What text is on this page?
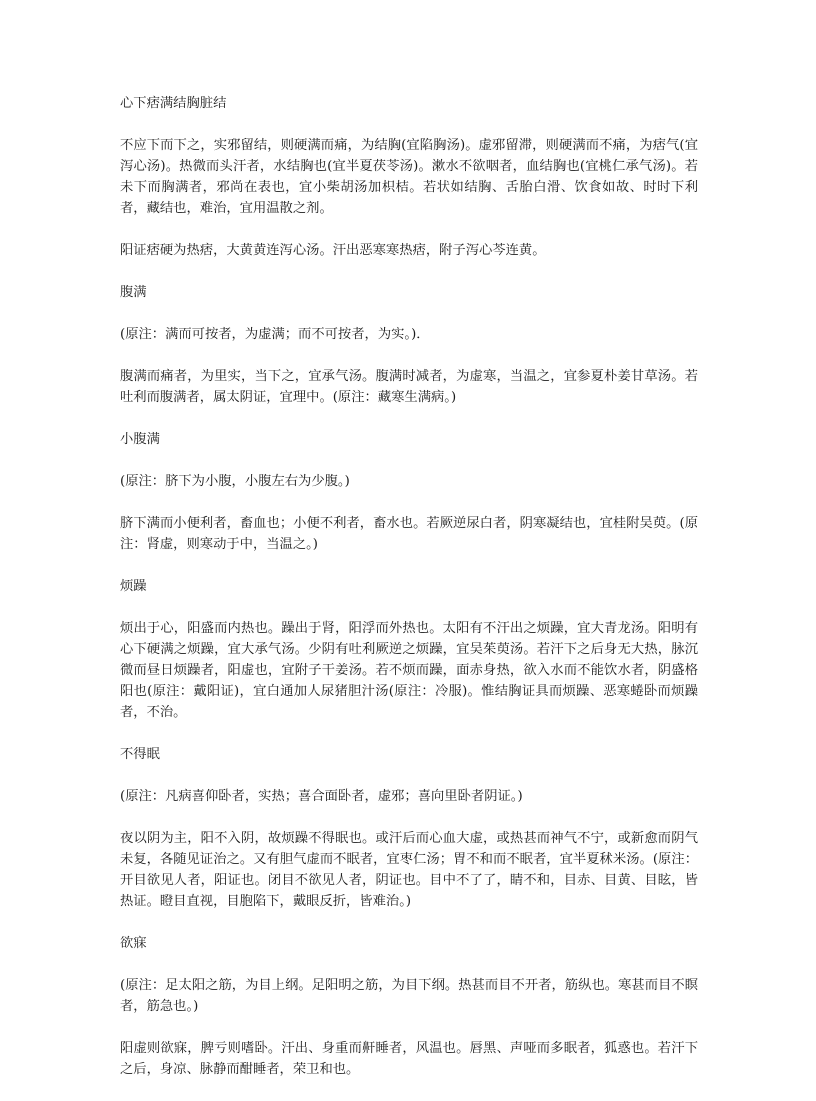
心下痞满结胸脏结

不应下而下之，实邪留结，则硬满而痛，为结胸(宜陷胸汤)。虚邪留滞，则硬满而不痛，为痞气(宜泻心汤)。热微而头汗者，水结胸也(宜半夏茯苓汤)。漱水不欲咽者，血结胸也(宜桃仁承气汤)。若未下而胸满者，邪尚在表也，宜小柴胡汤加枳桔。若状如结胸、舌胎白滑、饮食如故、时时下利者，藏结也，难治，宜用温散之剂。

阳证痞硬为热痞，大黄黄连泻心汤。汗出恶寒寒热痞，附子泻心芩连黄。

腹满

(原注：满而可按者，为虚满；而不可按者，为实。)．

腹满而痛者，为里实，当下之，宜承气汤。腹满时减者，为虚寒，当温之，宜参夏朴姜甘草汤。若吐利而腹满者，属太阴证，宜理中。(原注：藏寒生满病。)

小腹满

(原注：脐下为小腹，小腹左右为少腹。)

脐下满而小便利者，畜血也；小便不利者，畜水也。若厥逆尿白者，阴寒凝结也，宜桂附吴萸。(原注：肾虚，则寒动于中，当温之。)

烦躁

烦出于心，阳盛而内热也。躁出于肾，阳浮而外热也。太阳有不汗出之烦躁，宜大青龙汤。阳明有心下硬满之烦躁，宜大承气汤。少阴有吐利厥逆之烦躁，宜吴茱萸汤。若汗下之后身无大热，脉沉微而昼日烦躁者，阳虚也，宜附子干姜汤。若不烦而躁，面赤身热，欲入水而不能饮水者，阴盛格阳也(原注：戴阳证)，宜白通加人尿猪胆汁汤(原注：冷服)。惟结胸证具而烦躁、恶寒蜷卧而烦躁者，不治。

不得眠

(原注：凡病喜仰卧者，实热；喜合面卧者，虚邪；喜向里卧者阴证。)

夜以阴为主，阳不入阴，故烦躁不得眠也。或汗后而心血大虚，或热甚而神气不宁，或新愈而阴气未复，各随见证治之。又有胆气虚而不眠者，宜枣仁汤；胃不和而不眠者，宜半夏秫米汤。(原注：开目欲见人者，阳证也。闭目不欲见人者，阴证也。目中不了了，睛不和，目赤、目黄、目眩，皆热证。瞪目直视，目胞陷下，戴眼反折，皆难治。)

欲寐

(原注：足太阳之筋，为目上纲。足阳明之筋，为目下纲。热甚而目不开者，筋纵也。寒甚而目不瞑者，筋急也。)

阳虚则欲寐，脾亏则嗜卧。汗出、身重而鼾睡者，风温也。唇黑、声哑而多眠者，狐惑也。若汗下之后，身凉、脉静而酣睡者，荣卫和也。
